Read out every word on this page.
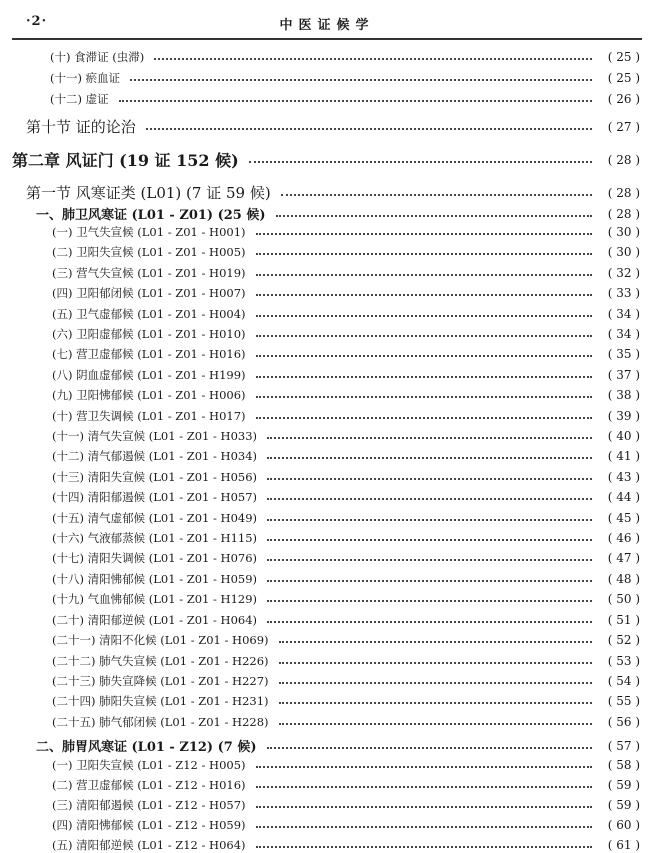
·2·	中医证候学
(十) 食滞证 (虫滞)	( 25 )
(十一) 瘀血证	( 25 )
(十二) 虚证	( 26 )
第十节 证的论治	( 27 )
第二章 风证门 (19 证 152 候)	( 28 )
第一节 风寒证类 (L01) (7 证 59 候)	( 28 )
一、肺卫风寒证 (L01 - Z01) (25 候)	( 28 )
(一) 卫气失宣候 (L01 - Z01 - H001)	( 30 )
(二) 卫阳失宣候 (L01 - Z01 - H005)	( 30 )
(三) 营气失宣候 (L01 - Z01 - H019)	( 32 )
(四) 卫阳郁闭候 (L01 - Z01 - H007)	( 33 )
(五) 卫气虚郁候 (L01 - Z01 - H004)	( 34 )
(六) 卫阳虚郁候 (L01 - Z01 - H010)	( 34 )
(七) 营卫虚郁候 (L01 - Z01 - H016)	( 35 )
(八) 阴血虚郁候 (L01 - Z01 - H199)	( 37 )
(九) 卫阳怫郁候 (L01 - Z01 - H006)	( 38 )
(十) 营卫失调候 (L01 - Z01 - H017)	( 39 )
(十一) 清气失宣候 (L01 - Z01 - H033)	( 40 )
(十二) 清气郁遏候 (L01 - Z01 - H034)	( 41 )
(十三) 清阳失宣候 (L01 - Z01 - H056)	( 43 )
(十四) 清阳郁遏候 (L01 - Z01 - H057)	( 44 )
(十五) 清气虚郁候 (L01 - Z01 - H049)	( 45 )
(十六) 气液郁蒸候 (L01 - Z01 - H115)	( 46 )
(十七) 清阳失调候 (L01 - Z01 - H076)	( 47 )
(十八) 清阳怫郁候 (L01 - Z01 - H059)	( 48 )
(十九) 气血怫郁候 (L01 - Z01 - H129)	( 50 )
(二十) 清阳郁逆候 (L01 - Z01 - H064)	( 51 )
(二十一) 清阳不化候 (L01 - Z01 - H069)	( 52 )
(二十二) 肺气失宣候 (L01 - Z01 - H226)	( 53 )
(二十三) 肺失宣降候 (L01 - Z01 - H227)	( 54 )
(二十四) 肺阳失宣候 (L01 - Z01 - H231)	( 55 )
(二十五) 肺气郁闭候 (L01 - Z01 - H228)	( 56 )
二、肺胃风寒证 (L01 - Z12) (7 候)	( 57 )
(一) 卫阳失宣候 (L01 - Z12 - H005)	( 58 )
(二) 营卫虚郁候 (L01 - Z12 - H016)	( 59 )
(三) 清阳郁遏候 (L01 - Z12 - H057)	( 59 )
(四) 清阳怫郁候 (L01 - Z12 - H059)	( 60 )
(五) 清阳郁逆候 (L01 - Z12 - H064)	( 61 )
